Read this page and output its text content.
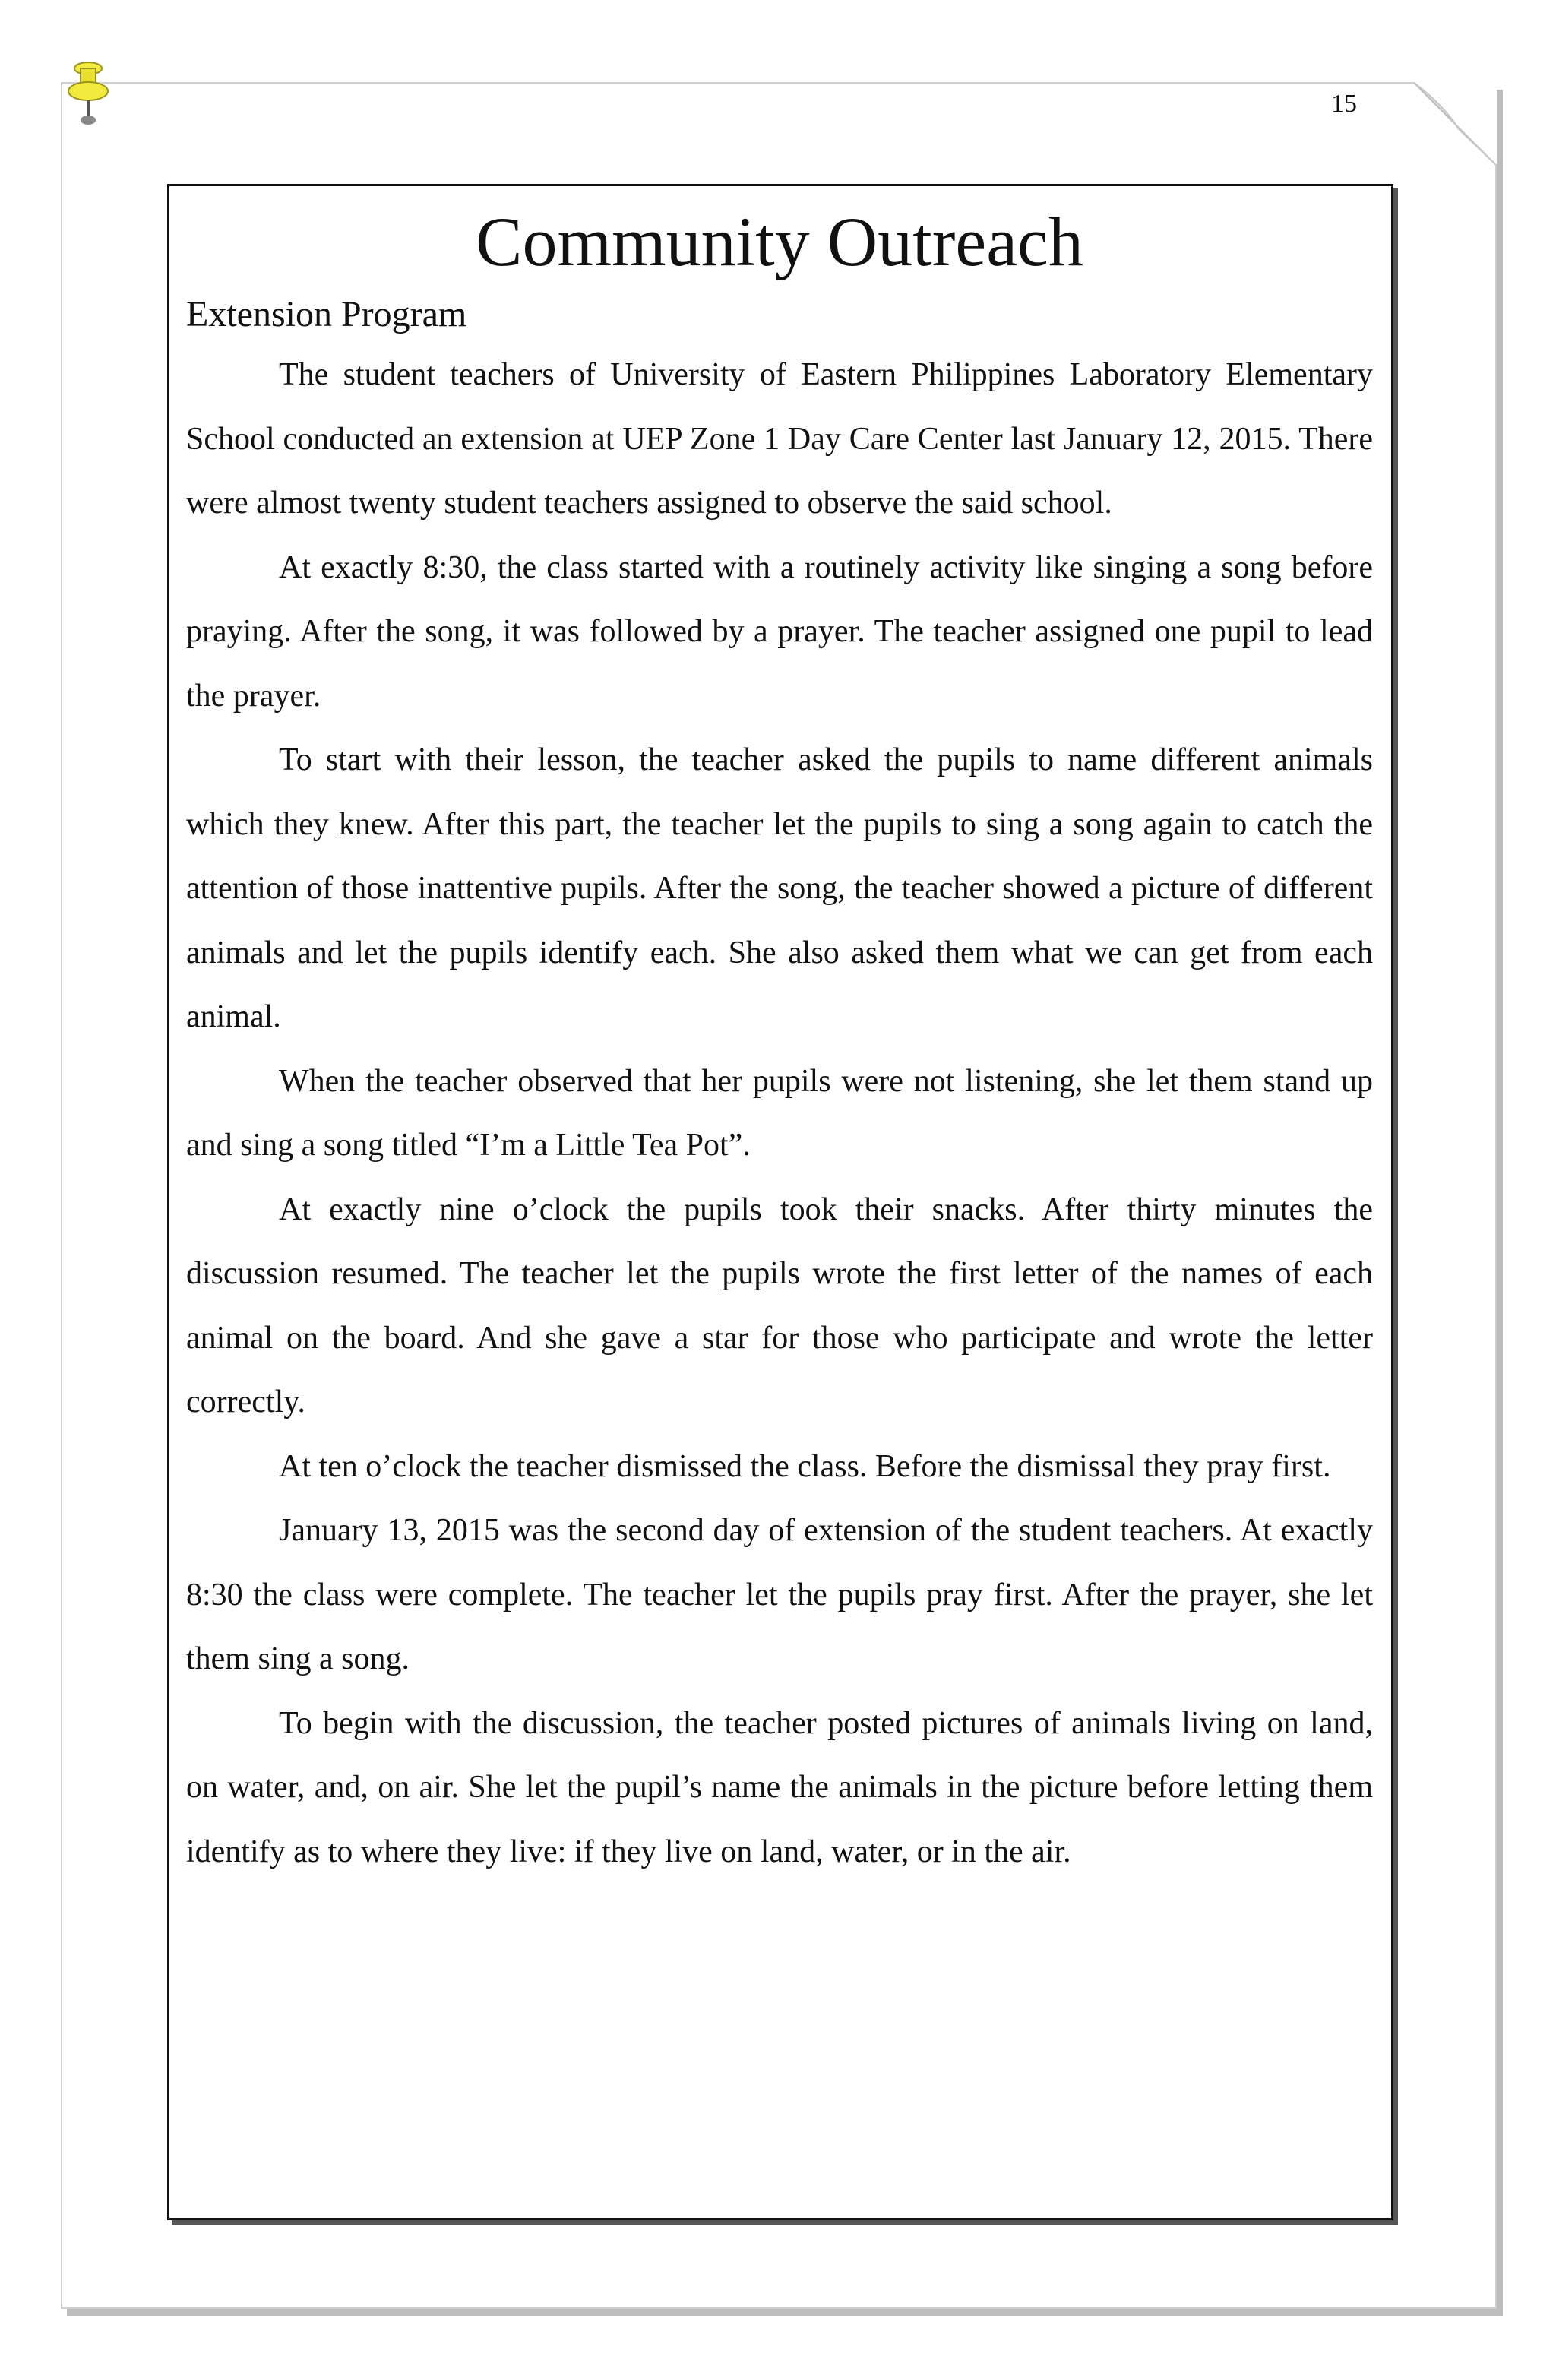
15
Community Outreach
Extension Program

The student teachers of University of Eastern Philippines Laboratory Elementary School conducted an extension at UEP Zone 1 Day Care Center last January 12, 2015. There were almost twenty student teachers assigned to observe the said school.

At exactly 8:30, the class started with a routinely activity like singing a song before praying. After the song, it was followed by a prayer. The teacher assigned one pupil to lead the prayer.

To start with their lesson, the teacher asked the pupils to name different animals which they knew. After this part, the teacher let the pupils to sing a song again to catch the attention of those inattentive pupils. After the song, the teacher showed a picture of different animals and let the pupils identify each. She also asked them what we can get from each animal.

When the teacher observed that her pupils were not listening, she let them stand up and sing a song titled “I’m a Little Tea Pot”.

At exactly nine o’clock the pupils took their snacks. After thirty minutes the discussion resumed. The teacher let the pupils wrote the first letter of the names of each animal on the board. And she gave a star for those who participate and wrote the letter correctly.

At ten o’clock the teacher dismissed the class. Before the dismissal they pray first.

January 13, 2015 was the second day of extension of the student teachers. At exactly 8:30 the class were complete. The teacher let the pupils pray first. After the prayer, she let them sing a song.

To begin with the discussion, the teacher posted pictures of animals living on land, on water, and, on air. She let the pupil’s name the animals in the picture before letting them identify as to where they live: if they live on land, water, or in the air.
